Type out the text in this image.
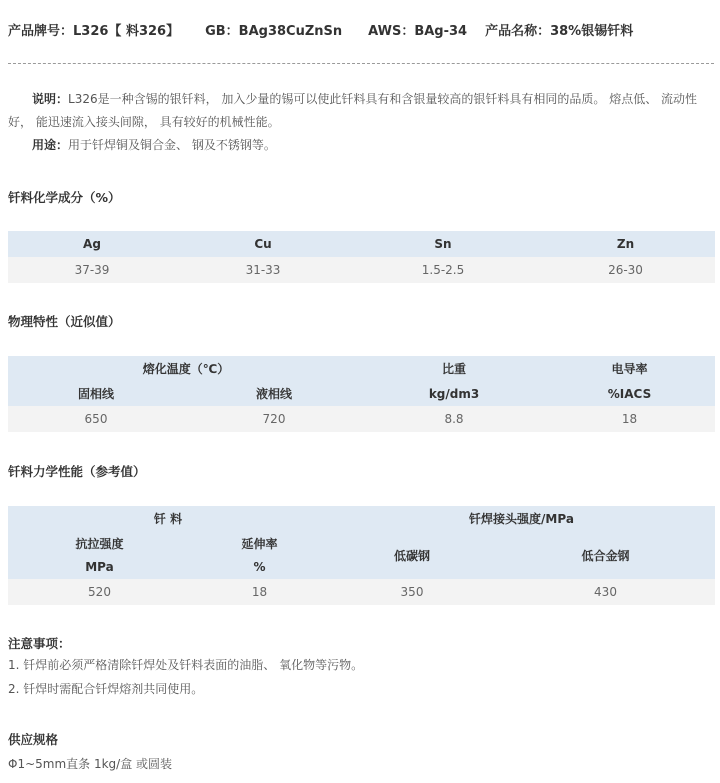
产品牌号：L326【 料326】 GB：BAg38CuZnSn AWS：BAg-34 产品名称：38%银锡钎料
说明：L326是一种含锡的银钎料， 加入少量的锡可以使此钎料具有和含银量较高的银钎料具有相同的品质。 熔点低、 流动性
好， 能迅速流入接头间隙， 具有较好的机械性能。
用途：用于钎焊铜及铜合金、 钢及不锈钢等。
钎料化学成分（%）
Ag	Cu	Sn	Zn
37-39	31-33	1.5-2.5	26-30
物理特性（近似值）
熔化温度（℃）		比重	电导率
固相线	液相线	kg/dm3	%IACS
650	720	8.8	18
钎料力学性能（参考值）
钎 料		钎焊接头强度/MPa	
抗拉强度	延伸率	低碳钢	低合金钢
MPa	%		
520	18	350	430
注意事项：
1. 钎焊前必须严格清除钎焊处及钎料表面的油脂、 氧化物等污物。
2. 钎焊时需配合钎焊熔剂共同使用。
供应规格
Φ1~5mm直条 1kg/盒 或圆装
